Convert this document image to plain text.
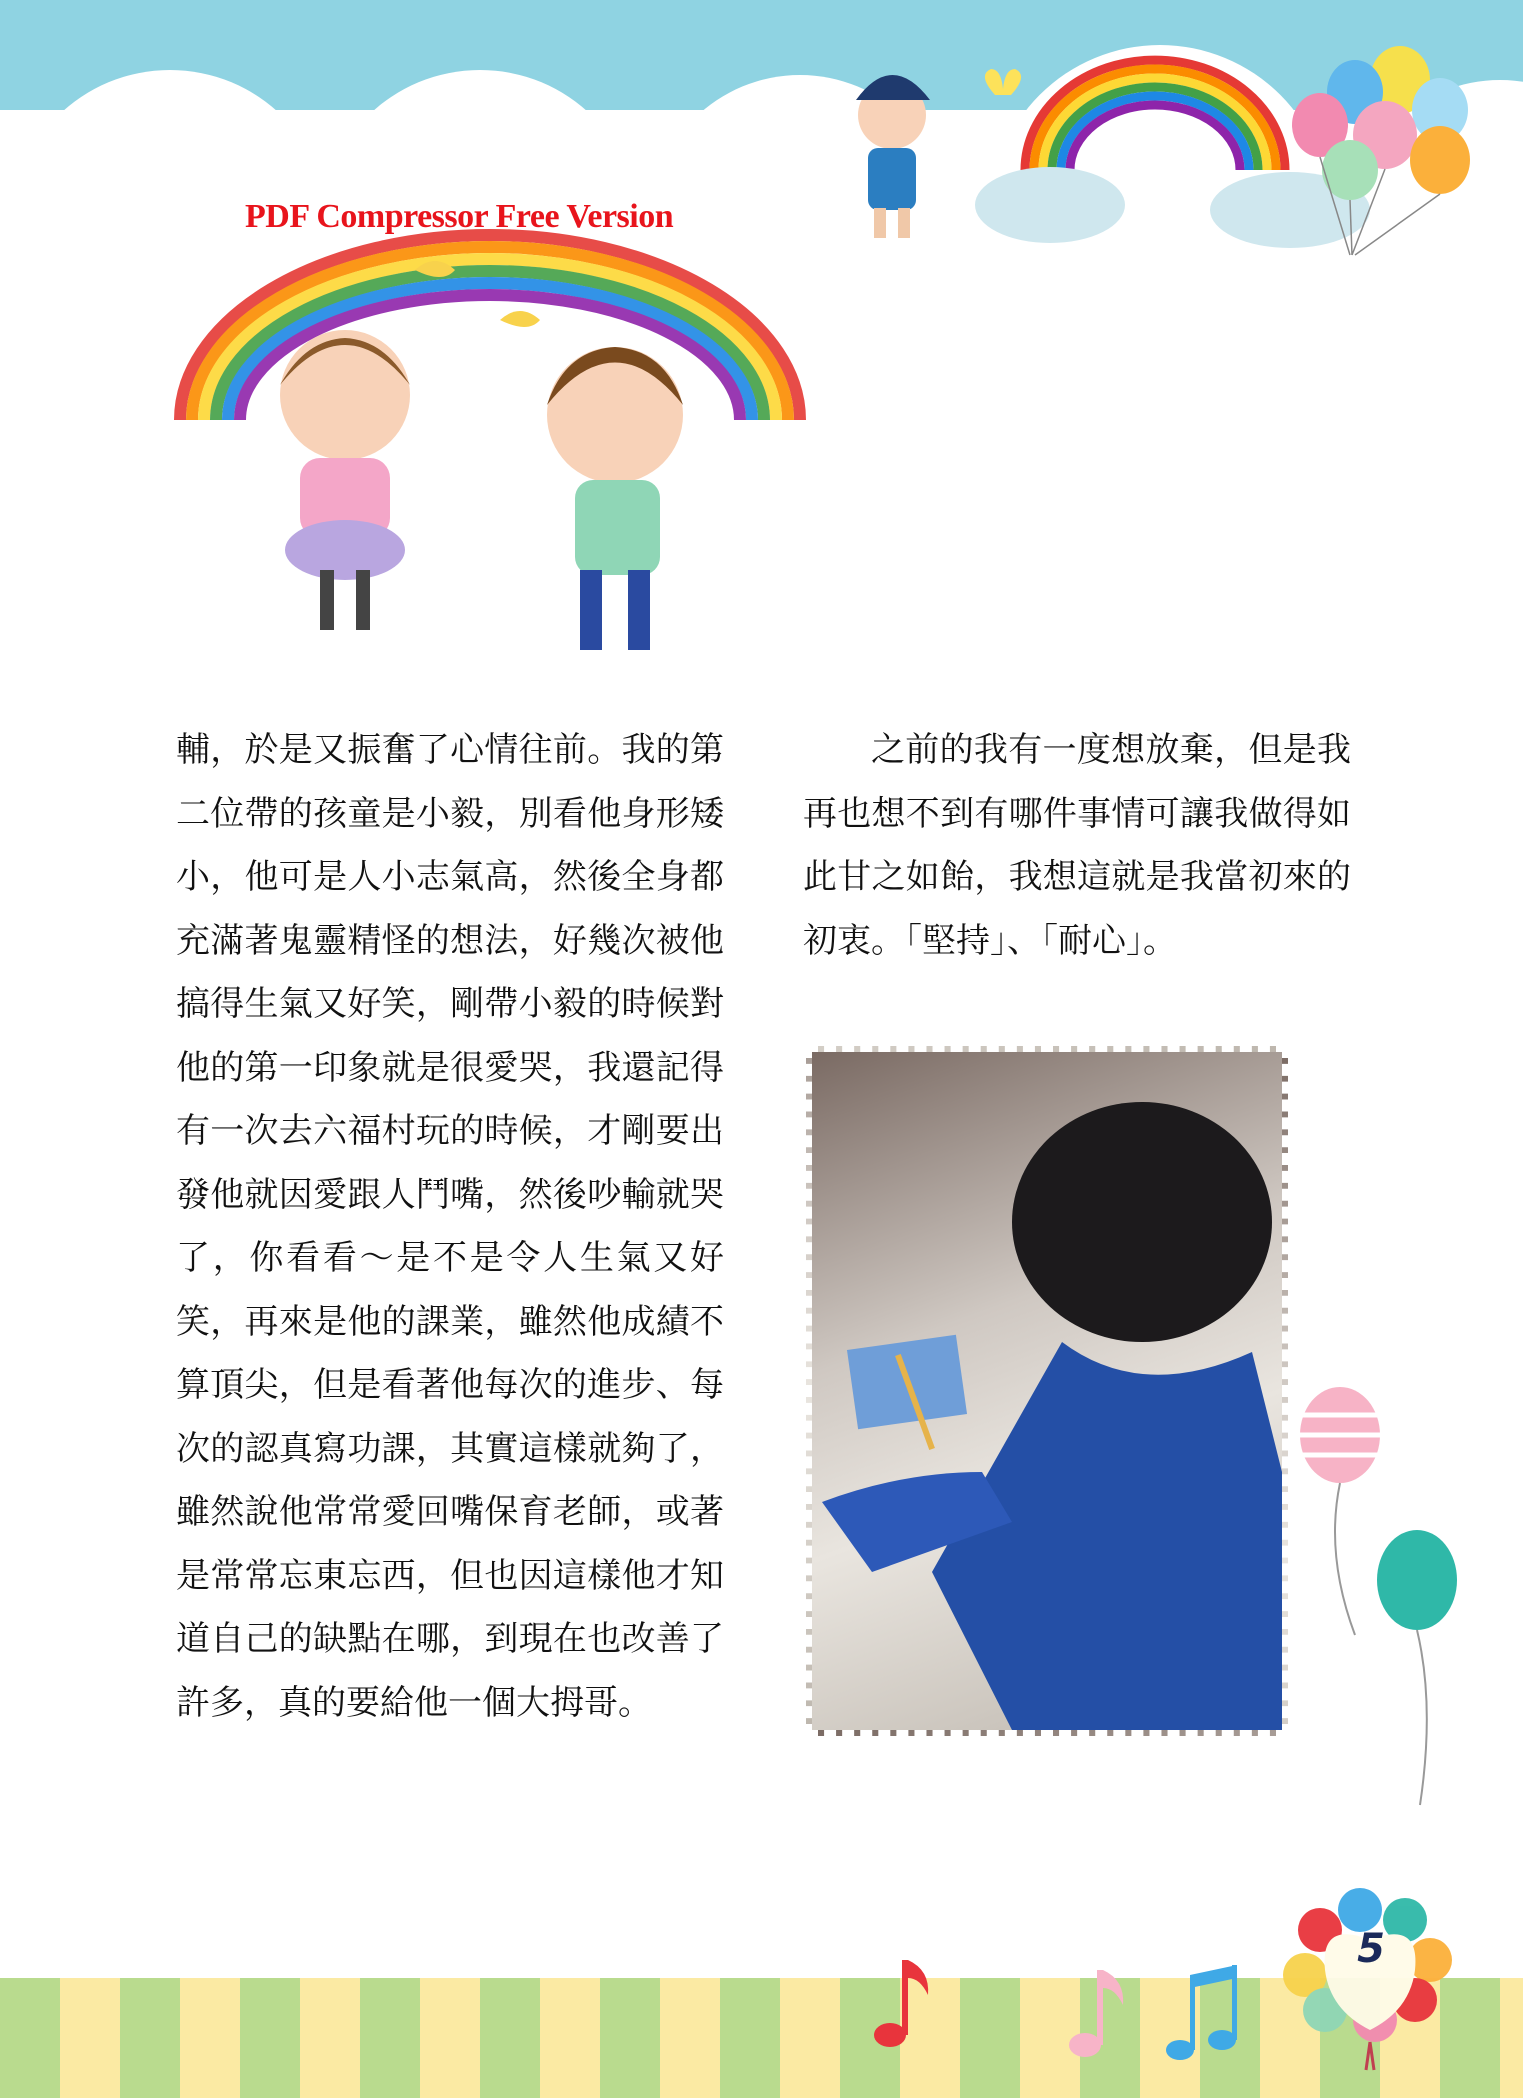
PDF Compressor Free Version

輔，於是又振奮了心情往前。我的第二位帶的孩童是小毅，別看他身形矮小，他可是人小志氣高，然後全身都充滿著鬼靈精怪的想法，好幾次被他搞得生氣又好笑，剛帶小毅的時候對他的第一印象就是很愛哭，我還記得有一次去六福村玩的時候，才剛要出發他就因愛跟人鬥嘴，然後吵輸就哭了，你看看～是不是令人生氣又好笑，再來是他的課業，雖然他成績不算頂尖，但是看著他每次的進步、每次的認真寫功課，其實這樣就夠了，雖然說他常常愛回嘴保育老師，或著是常常忘東忘西，但也因這樣他才知道自己的缺點在哪，到現在也改善了許多，真的要給他一個大拇哥。

之前的我有一度想放棄，但是我再也想不到有哪件事情可讓我做得如此甘之如飴，我想這就是我當初來的初衷。「堅持」、「耐心」。

5
